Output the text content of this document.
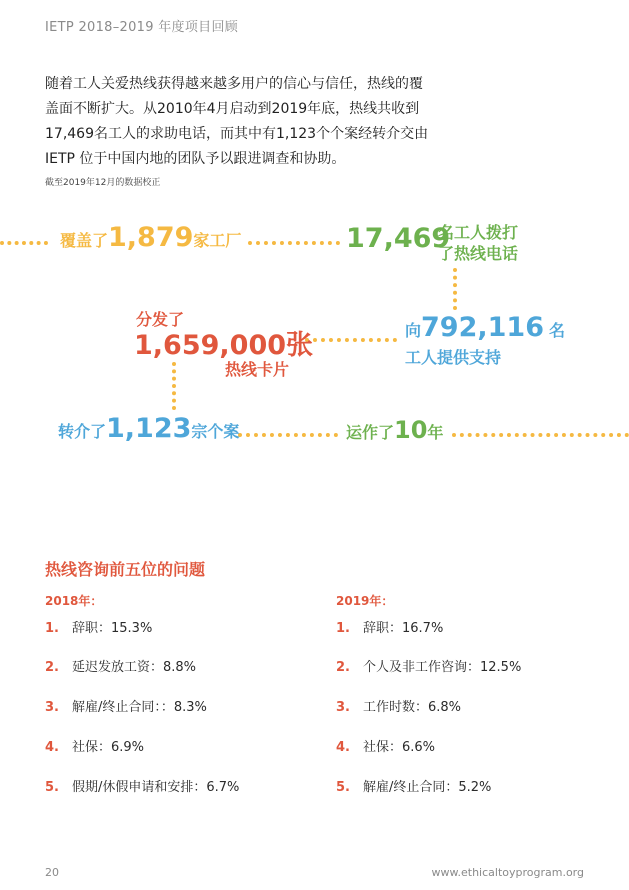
IETP 2018–2019 年度项目回顾
随着工人关爱热线获得越来越多用户的信心与信任，热线的覆
盖面不断扩大。从2010年4月启动到2019年底，热线共收到
17,469名工人的求助电话，而其中有1,123个个案经转介交由
IETP 位于中国内地的团队予以跟进调查和协助。
截至2019年12月的数据校正
覆盖了1,879家工厂	17,469
名工人拨打
了热线电话
分发了
1,659,000张
热线卡片
向792,116 名
工人提供支持
转介了1,123宗个案	运作了10年
热线咨询前五位的问题
2018年：	2019年：
1. 辞职：15.3%
2. 延迟发放工资：8.8%
3. 解雇/终止合同：：8.3%
4. 社保：6.9%
5. 假期/休假申请和安排：6.7%
1. 辞职：16.7%
2. 个人及非工作咨询：12.5%
3. 工作时数：6.8%
4. 社保：6.6%
5. 解雇/终止合同：5.2%
20	www.ethicaltoyprogram.org
